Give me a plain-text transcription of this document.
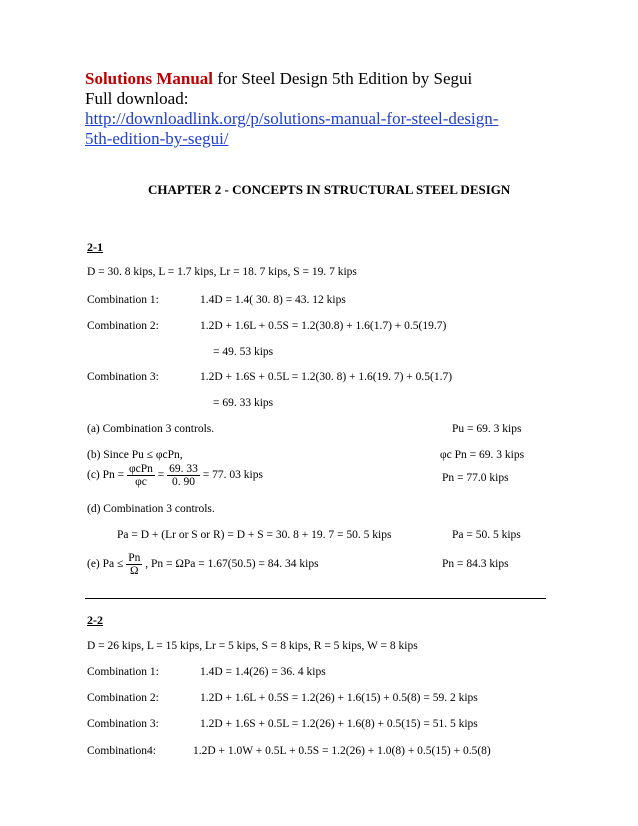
Solutions Manual for Steel Design 5th Edition by Segui
Full download:
http://downloadlink.org/p/solutions-manual-for-steel-design-5th-edition-by-segui/
CHAPTER 2 - CONCEPTS IN STRUCTURAL STEEL DESIGN
2-1
D = 30. 8 kips, L = 1.7 kips, Lr = 18. 7 kips, S = 19. 7 kips
Combination 1:	1.4D = 1.4( 30. 8) = 43. 12 kips
Combination 2:	1.2D + 1.6L + 0.5S = 1.2(30.8) + 1.6(1.7) + 0.5(19.7)
= 49. 53 kips
Combination 3:	1.2D + 1.6S + 0.5L = 1.2(30. 8) + 1.6(19. 7) + 0.5(1.7)
= 69. 33 kips
(a) Combination 3 controls.	Pu = 69. 3 kips
(b) Since Pu ≤ φcPn,	φc Pn = 69. 3 kips
(c) $Pn = \frac{\text{φcPn}}{\varphi c} = \frac{69. 33}{0. 90} = 77$. 03 kips	Pn = 77.0 kips
(d) Combination 3 controls.
Pa = D + (Lr or S or R) = D + S = 30. 8 + 19. 7 = 50. 5 kips	Pa = 50. 5 kips
(e) $Pa \le \frac{Pn}{\Omega}$ , Pn = ΩPa = 1.67(50.5) = 84. 34 kips	Pn = 84.3 kips
2-2
D = 26 kips, L = 15 kips, Lr = 5 kips, S = 8 kips, R = 5 kips, W = 8 kips
Combination 1:	1.4D = 1.4(26) = 36. 4 kips
Combination 2:	1.2D + 1.6L + 0.5S = 1.2(26) + 1.6(15) + 0.5(8) = 59. 2 kips
Combination 3:	1.2D + 1.6S + 0.5L = 1.2(26) + 1.6(8) + 0.5(15) = 51. 5 kips
Combination4:	1.2D + 1.0W + 0.5L + 0.5S = 1.2(26) + 1.0(8) + 0.5(15) + 0.5(8)
